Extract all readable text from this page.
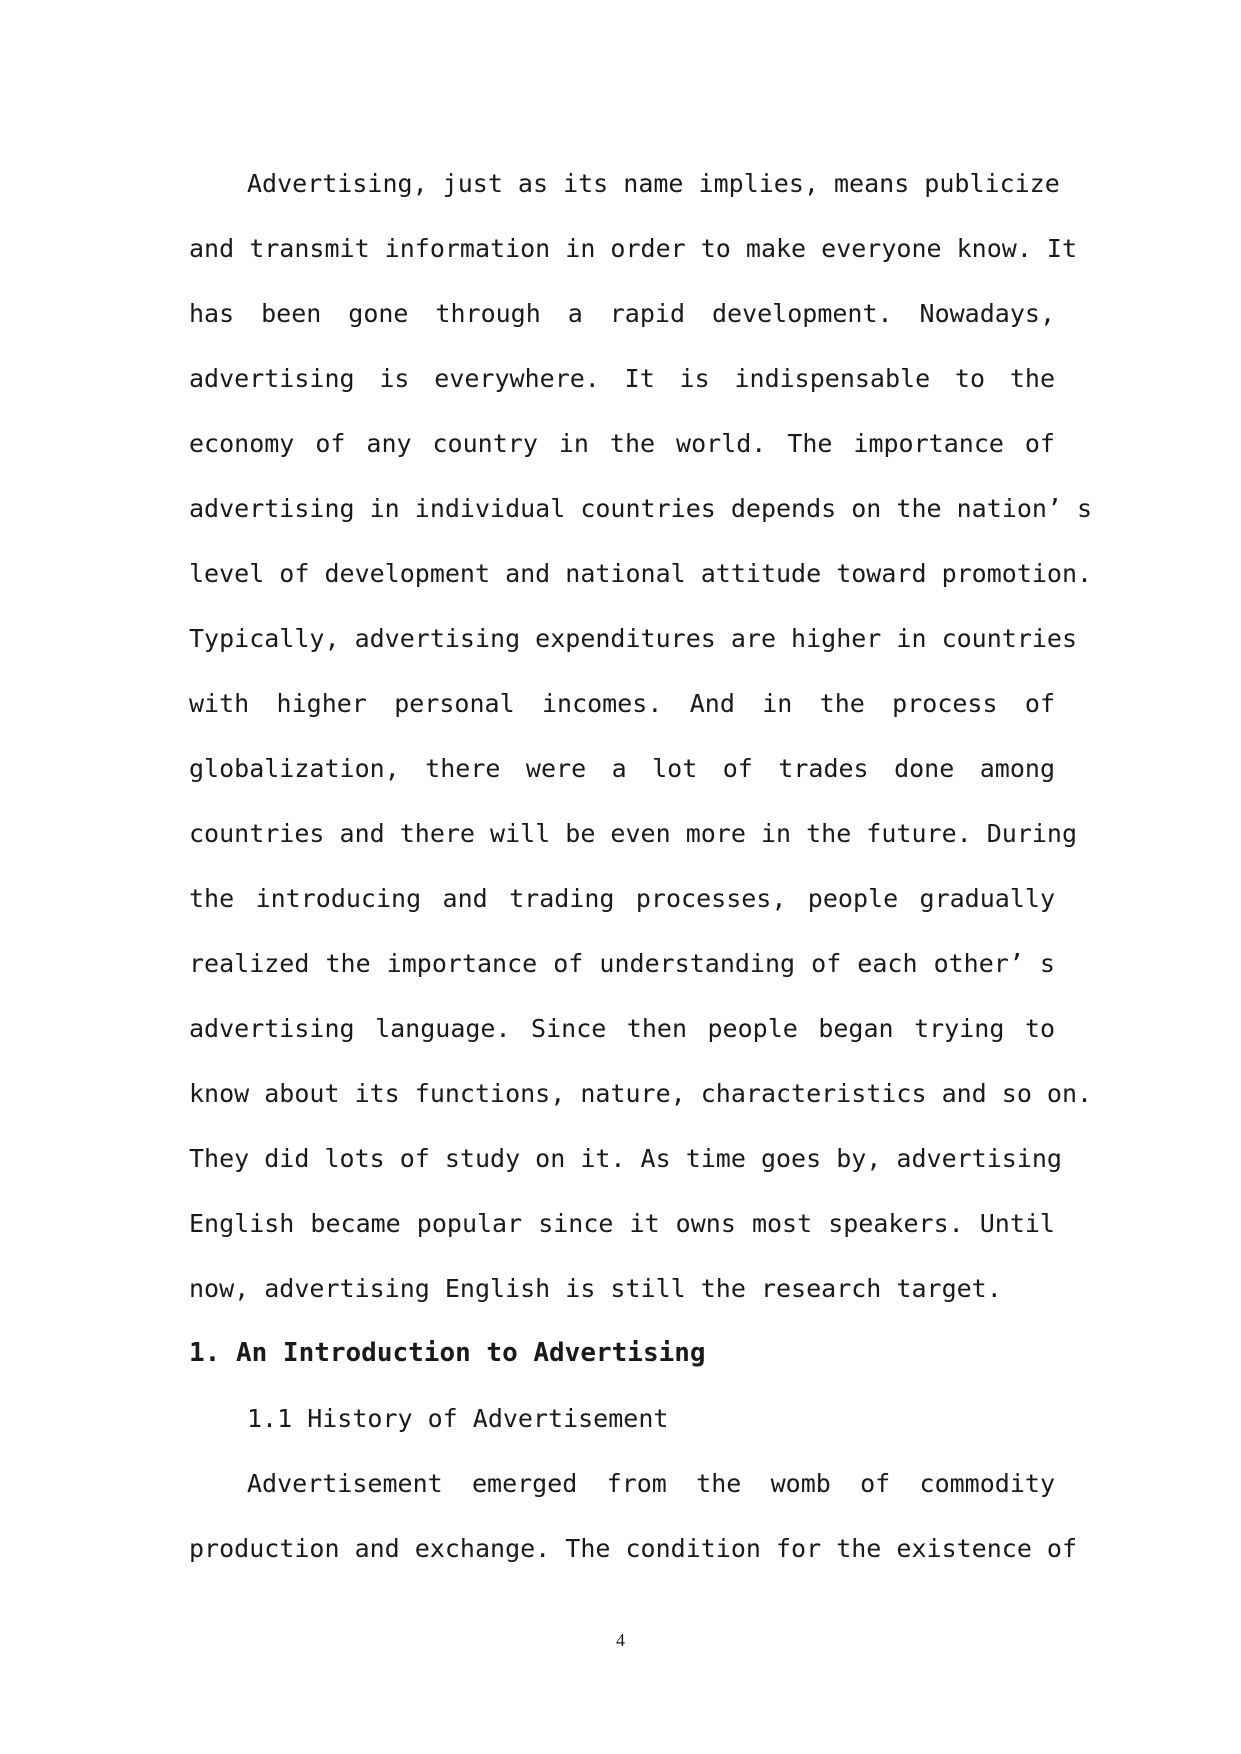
Advertising, just as its name implies, means publicize
and transmit information in order to make everyone know. It
has been gone through a rapid development. Nowadays,
advertising is everywhere. It is indispensable to the
economy of any country in the world. The importance of
advertising in individual countries depends on the nation’ s
level of development and national attitude toward promotion.
Typically, advertising expenditures are higher in countries
with higher personal incomes. And in the process of
globalization, there were a lot of trades done among
countries and there will be even more in the future. During
the introducing and trading processes, people gradually
realized the importance of understanding of each other’ s
advertising language. Since then people began trying to
know about its functions, nature, characteristics and so on.
They did lots of study on it. As time goes by, advertising
English became popular since it owns most speakers. Until
now, advertising English is still the research target.
1. An Introduction to Advertising
1.1 History of Advertisement
Advertisement emerged from the womb of commodity
production and exchange. The condition for the existence of
4
